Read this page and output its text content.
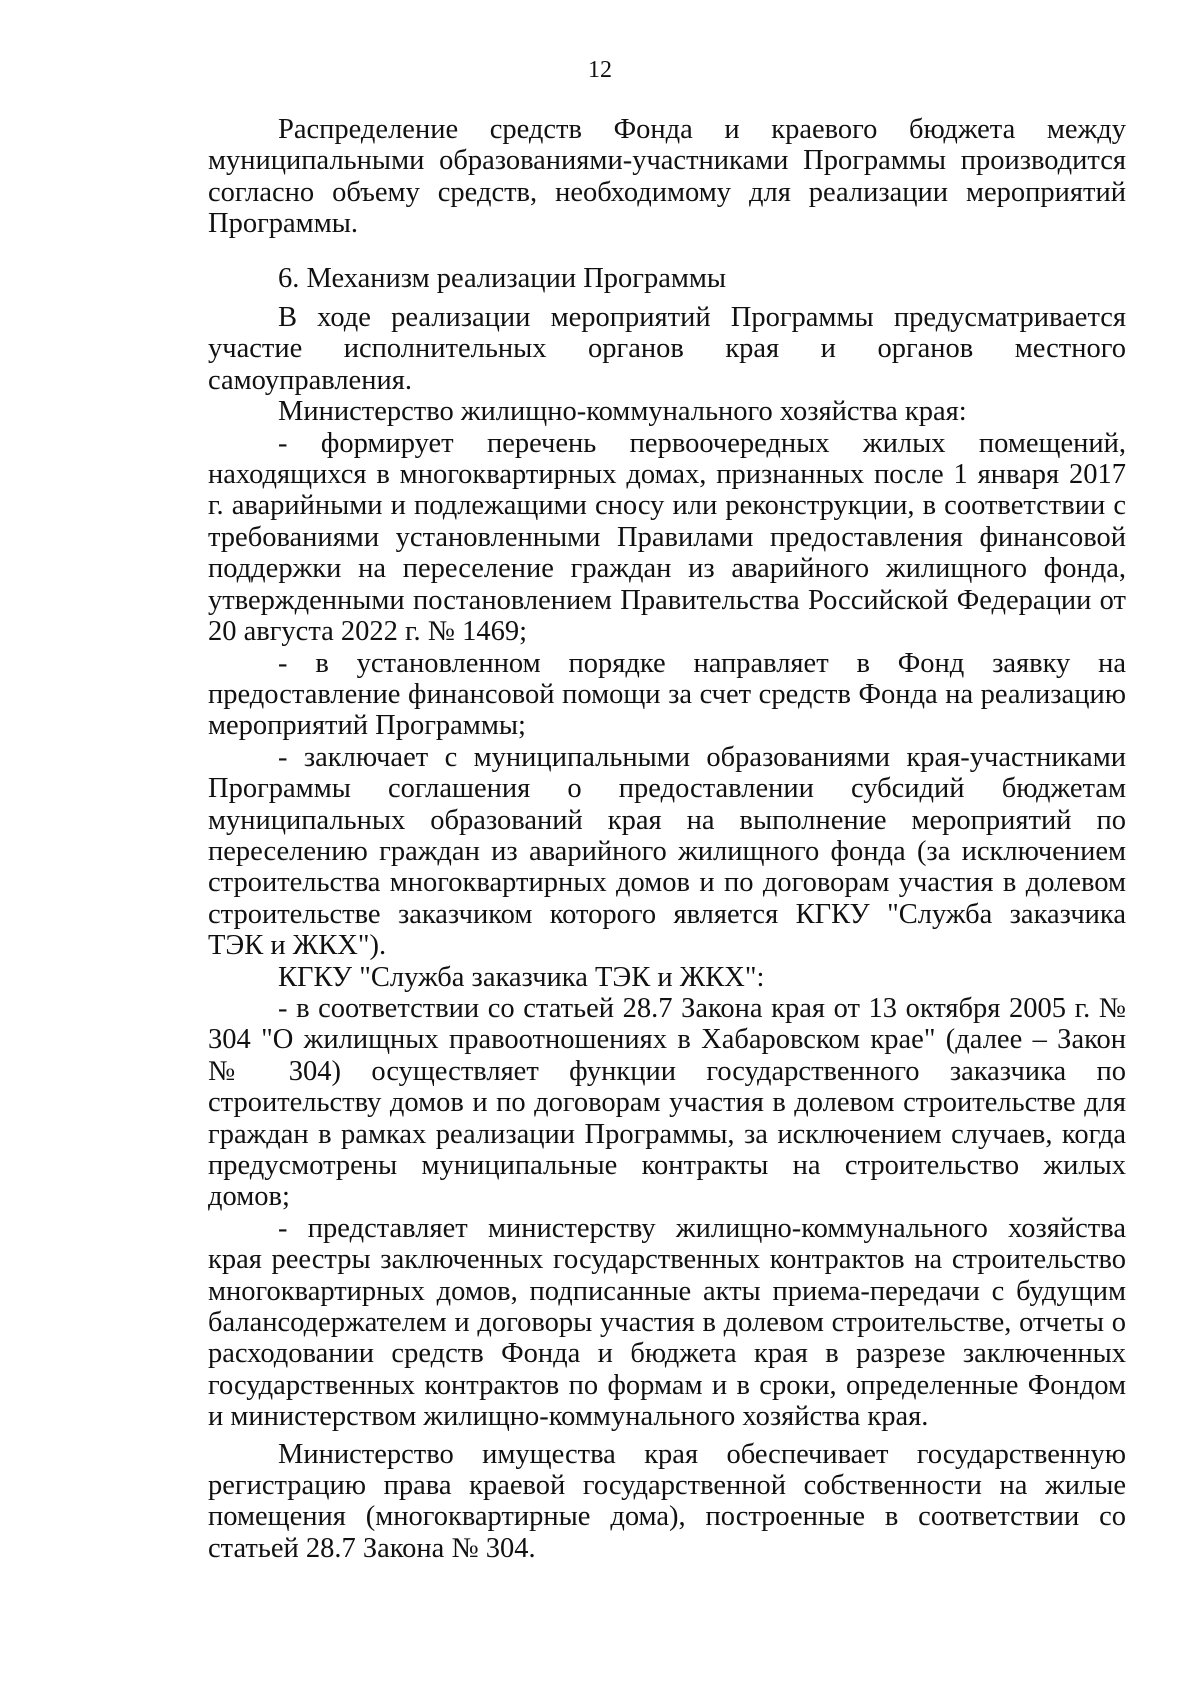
12

Распределение средств Фонда и краевого бюджета между муниципальными образованиями-участниками Программы производится согласно объему средств, необходимому для реализации мероприятий Программы.

6. Механизм реализации Программы

В ходе реализации мероприятий Программы предусматривается участие исполнительных органов края и органов местного самоуправления.

Министерство жилищно-коммунального хозяйства края:

- формирует перечень первоочередных жилых помещений, находящихся в многоквартирных домах, признанных после 1 января 2017 г. аварийными и подлежащими сносу или реконструкции, в соответствии с требованиями установленными Правилами предоставления финансовой поддержки на переселение граждан из аварийного жилищного фонда, утвержденными постановлением Правительства Российской Федерации от 20 августа 2022 г. № 1469;

- в установленном порядке направляет в Фонд заявку на предоставление финансовой помощи за счет средств Фонда на реализацию мероприятий Программы;

- заключает с муниципальными образованиями края-участниками Программы соглашения о предоставлении субсидий бюджетам муниципальных образований края на выполнение мероприятий по переселению граждан из аварийного жилищного фонда (за исключением строительства многоквартирных домов и по договорам участия в долевом строительстве заказчиком которого является КГКУ "Служба заказчика ТЭК и ЖКХ").

КГКУ "Служба заказчика ТЭК и ЖКХ":

- в соответствии со статьей 28.7 Закона края от 13 октября 2005 г. № 304 "О жилищных правоотношениях в Хабаровском крае" (далее – Закон № 304) осуществляет функции государственного заказчика по строительству домов и по договорам участия в долевом строительстве для граждан в рамках реализации Программы, за исключением случаев, когда предусмотрены муниципальные контракты на строительство жилых домов;

- представляет министерству жилищно-коммунального хозяйства края реестры заключенных государственных контрактов на строительство многоквартирных домов, подписанные акты приема-передачи с будущим балансодержателем и договоры участия в долевом строительстве, отчеты о расходовании средств Фонда и бюджета края в разрезе заключенных государственных контрактов по формам и в сроки, определенные Фондом и министерством жилищно-коммунального хозяйства края.

Министерство имущества края обеспечивает государственную регистрацию права краевой государственной собственности на жилые помещения (многоквартирные дома), построенные в соответствии со статьей 28.7 Закона № 304.
